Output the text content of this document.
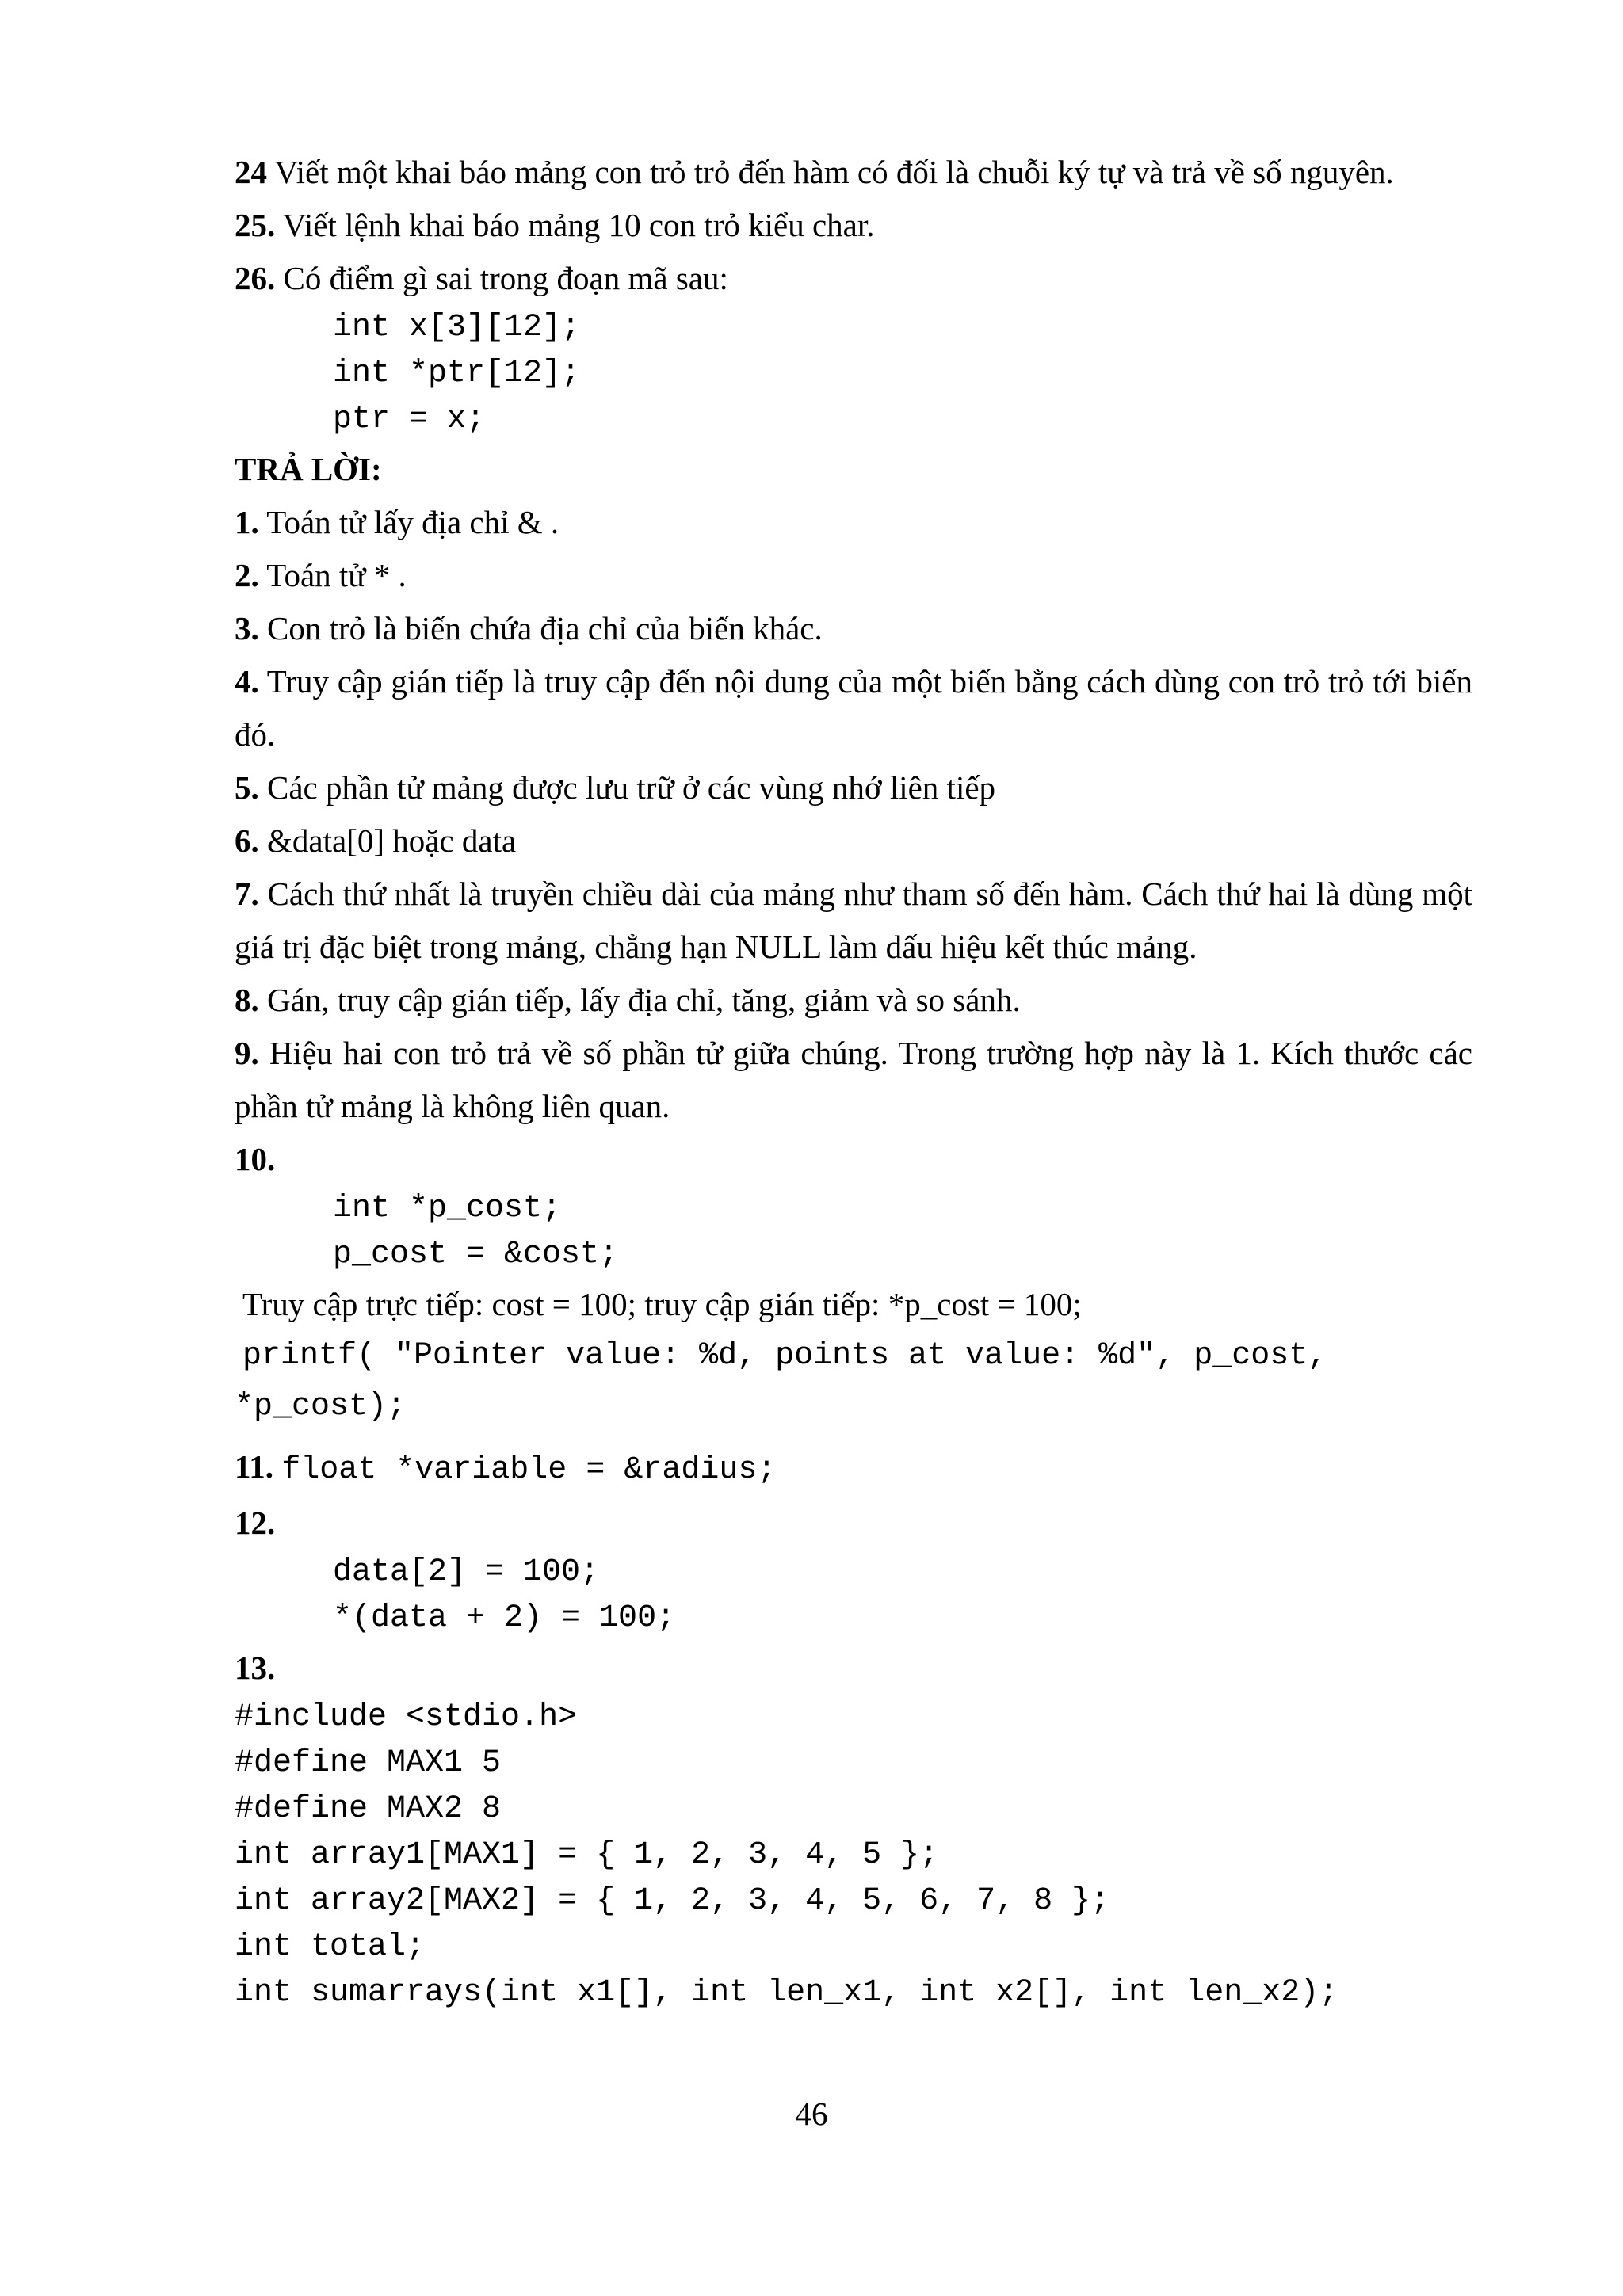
24 Viết một khai báo mảng con trỏ trỏ đến hàm có đối là chuỗi ký tự và trả về số nguyên.

25. Viết lệnh khai báo mảng 10 con trỏ kiểu char.

26. Có điểm gì sai trong đoạn mã sau:

int x[3][12];
int *ptr[12];
ptr = x;

TRẢ LỜI:

1. Toán tử lấy địa chỉ & .

2. Toán tử * .

3. Con trỏ là biến chứa địa chỉ của biến khác.

4. Truy cập gián tiếp là truy cập đến nội dung của một biến bằng cách dùng con trỏ trỏ tới biến đó.

5. Các phần tử mảng được lưu trữ ở các vùng nhớ liên tiếp

6. &data[0] hoặc data

7. Cách thứ nhất là truyền chiều dài của mảng như tham số đến hàm. Cách thứ hai là dùng một giá trị đặc biệt trong mảng, chẳng hạn NULL làm dấu hiệu kết thúc mảng.

8. Gán, truy cập gián tiếp, lấy địa chỉ, tăng, giảm và so sánh.

9. Hiệu hai con trỏ trả về số phần tử giữa chúng. Trong trường hợp này là 1. Kích thước các phần tử mảng là không liên quan.

10.

int *p_cost;
p_cost = &cost;

Truy cập trực tiếp: cost = 100; truy cập gián tiếp: *p_cost = 100;

printf( "Pointer value: %d, points at value: %d", p_cost,
*p_cost);

11. float *variable = &radius;

12.

data[2] = 100;
*(data + 2) = 100;

13.

#include <stdio.h>
#define MAX1 5
#define MAX2 8
int array1[MAX1] = { 1, 2, 3, 4, 5 };
int array2[MAX2] = { 1, 2, 3, 4, 5, 6, 7, 8 };
int total;
int sumarrays(int x1[], int len_x1, int x2[], int len_x2);
46
